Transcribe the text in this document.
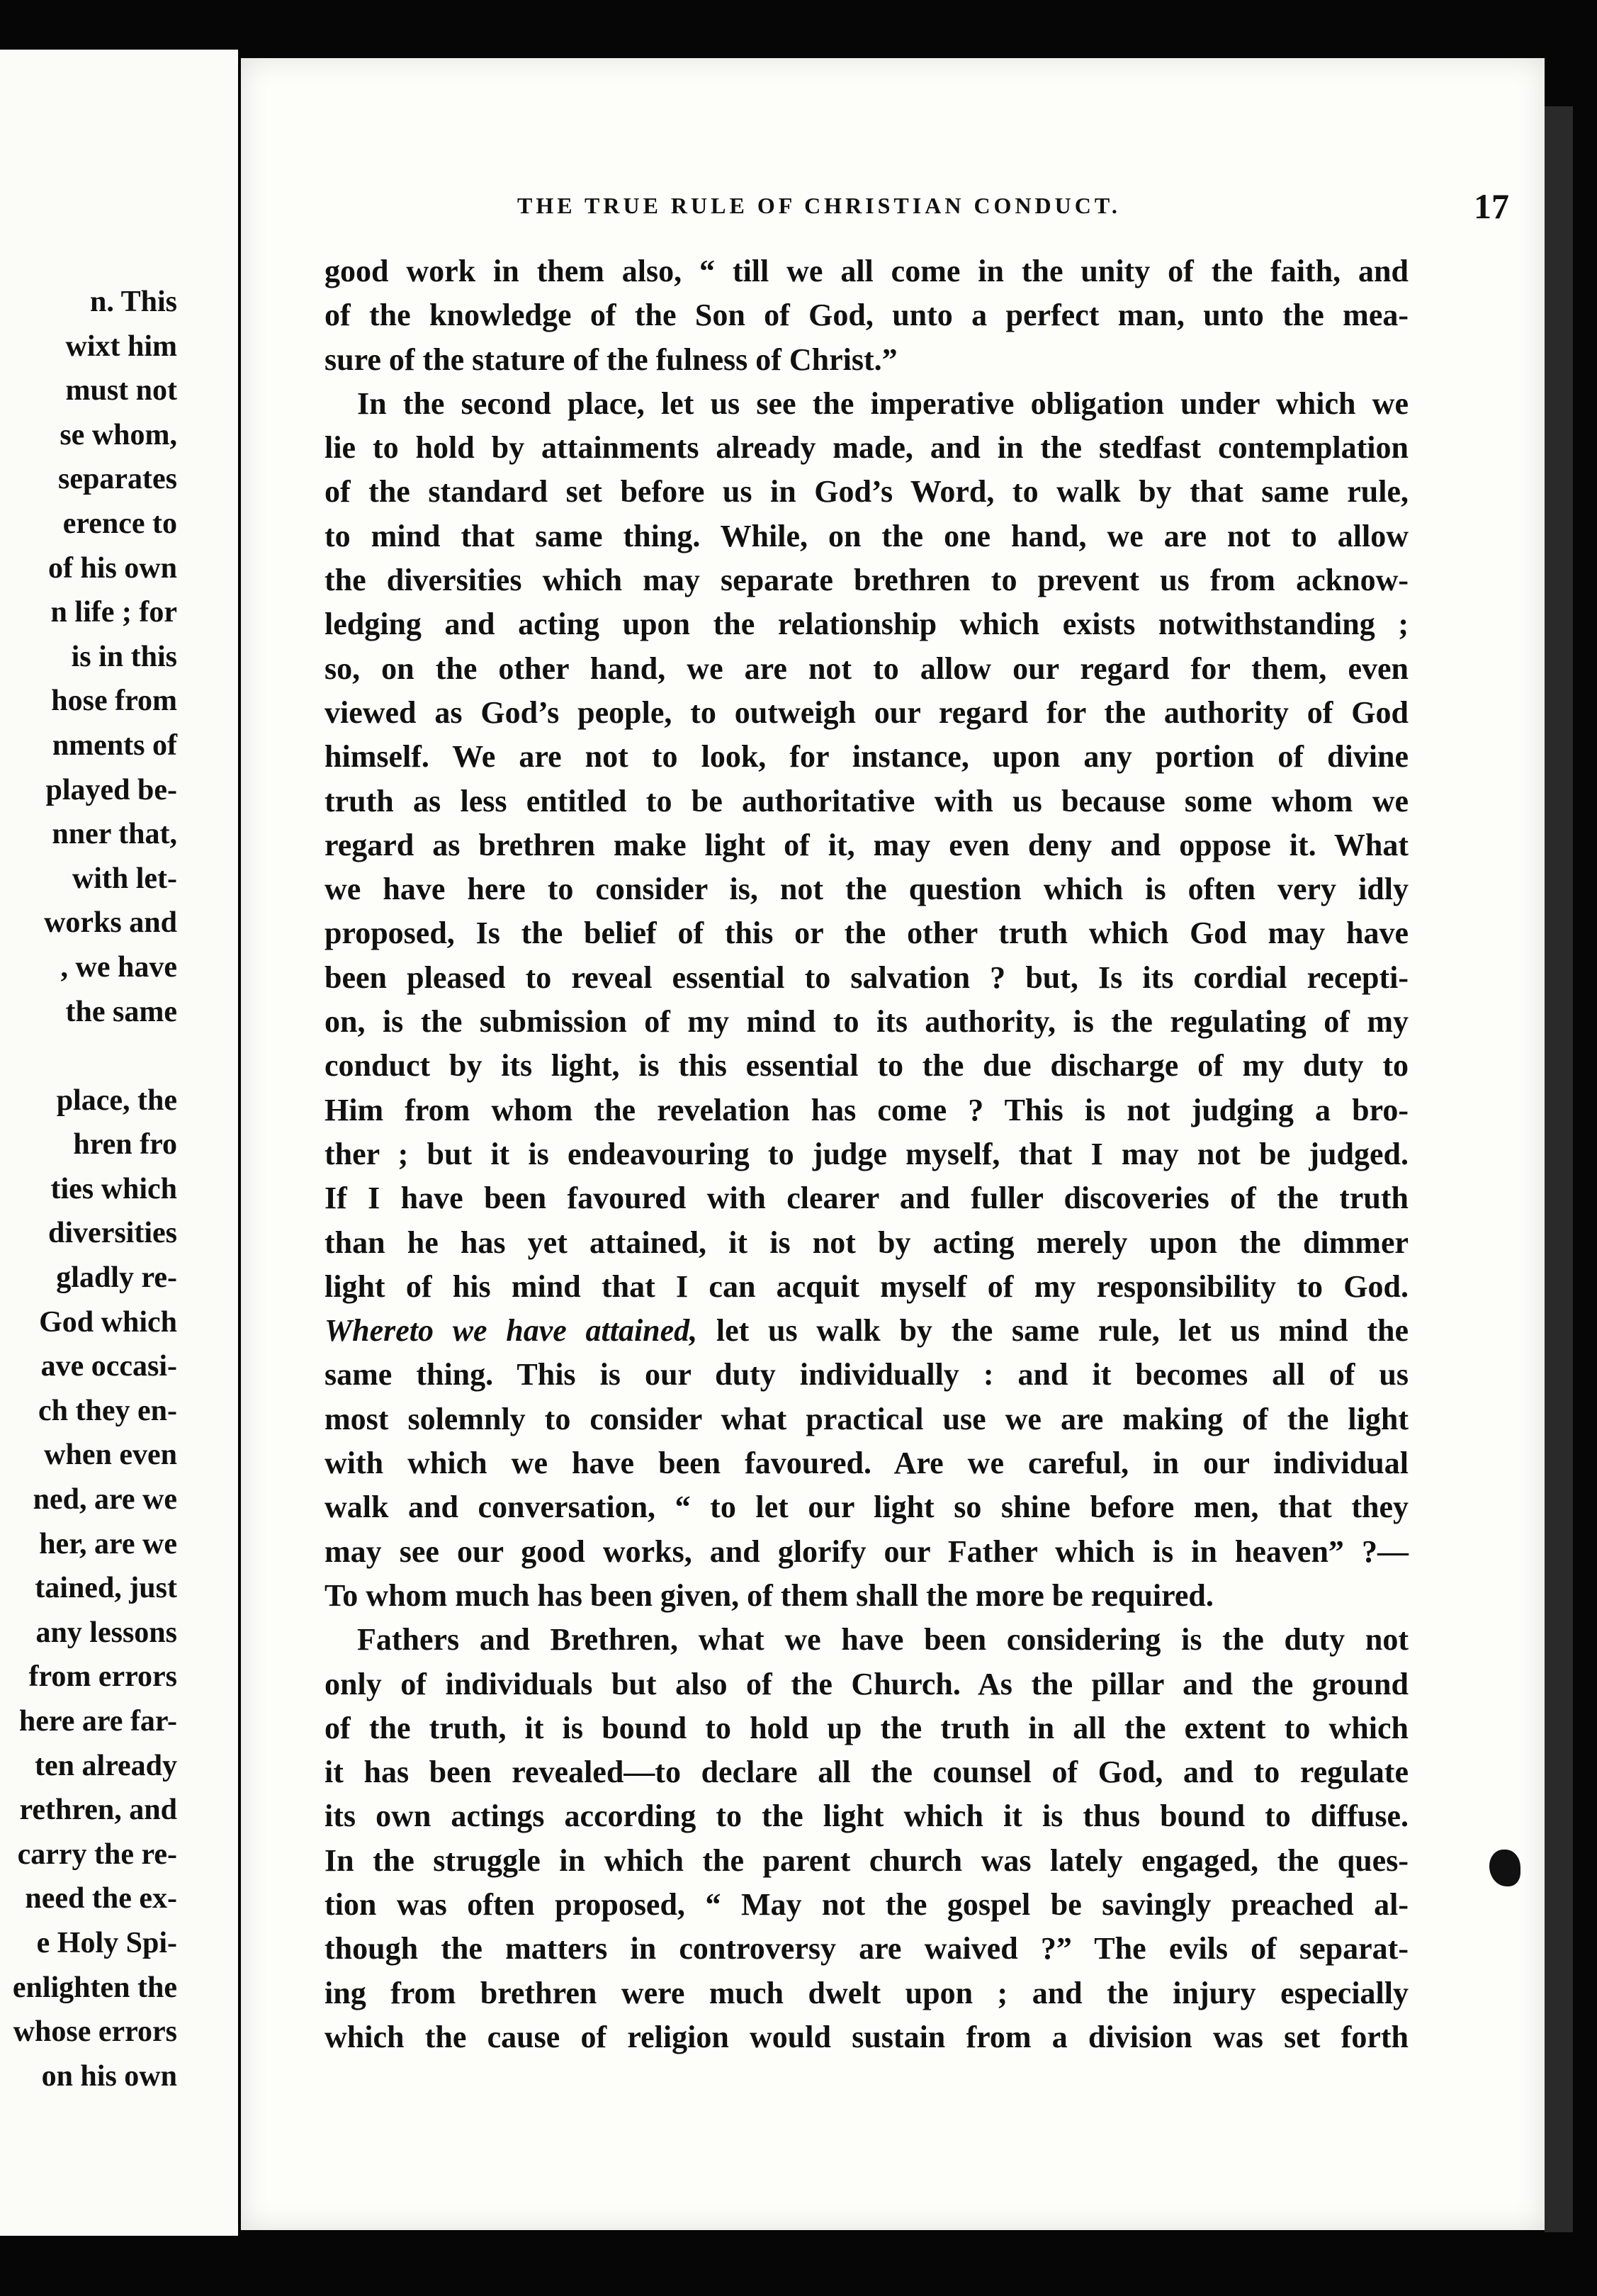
n. This
wixt him
must not
se whom,
separates
erence to
of his own
n life ; for
is in this
hose from
nments of
played be-
nner that,
with let-
works and
, we have
the same
place, the
hren fro
ties which
diversities
gladly re-
God which
ave occasi-
ch they en-
when even
ned, are we
her, are we
tained, just
any lessons
from errors
here are far-
ten already
rethren, and
carry the re-
need the ex-
e Holy Spi-
enlighten the
whose errors
on his own
THE TRUE RULE OF CHRISTIAN CONDUCT.	17
good work in them also, “ till we all come in the unity of the faith, and
of the knowledge of the Son of God, unto a perfect man, unto the mea-
sure of the stature of the fulness of Christ.”
In the second place, let us see the imperative obligation under which we
lie to hold by attainments already made, and in the stedfast contemplation
of the standard set before us in God’s Word, to walk by that same rule,
to mind that same thing. While, on the one hand, we are not to allow
the diversities which may separate brethren to prevent us from acknow-
ledging and acting upon the relationship which exists notwithstanding ;
so, on the other hand, we are not to allow our regard for them, even
viewed as God’s people, to outweigh our regard for the authority of God
himself. We are not to look, for instance, upon any portion of divine
truth as less entitled to be authoritative with us because some whom we
regard as brethren make light of it, may even deny and oppose it. What
we have here to consider is, not the question which is often very idly
proposed, Is the belief of this or the other truth which God may have
been pleased to reveal essential to salvation ? but, Is its cordial recepti-
on, is the submission of my mind to its authority, is the regulating of my
conduct by its light, is this essential to the due discharge of my duty to
Him from whom the revelation has come ? This is not judging a bro-
ther ; but it is endeavouring to judge myself, that I may not be judged.
If I have been favoured with clearer and fuller discoveries of the truth
than he has yet attained, it is not by acting merely upon the dimmer
light of his mind that I can acquit myself of my responsibility to God.
Whereto we have attained, let us walk by the same rule, let us mind the
same thing. This is our duty individually : and it becomes all of us
most solemnly to consider what practical use we are making of the light
with which we have been favoured. Are we careful, in our individual
walk and conversation, “ to let our light so shine before men, that they
may see our good works, and glorify our Father which is in heaven” ?—
To whom much has been given, of them shall the more be required.
Fathers and Brethren, what we have been considering is the duty not
only of individuals but also of the Church. As the pillar and the ground
of the truth, it is bound to hold up the truth in all the extent to which
it has been revealed—to declare all the counsel of God, and to regulate
its own actings according to the light which it is thus bound to diffuse.
In the struggle in which the parent church was lately engaged, the ques-
tion was often proposed, “ May not the gospel be savingly preached al-
though the matters in controversy are waived ?” The evils of separat-
ing from brethren were much dwelt upon ; and the injury especially
which the cause of religion would sustain from a division was set forth
